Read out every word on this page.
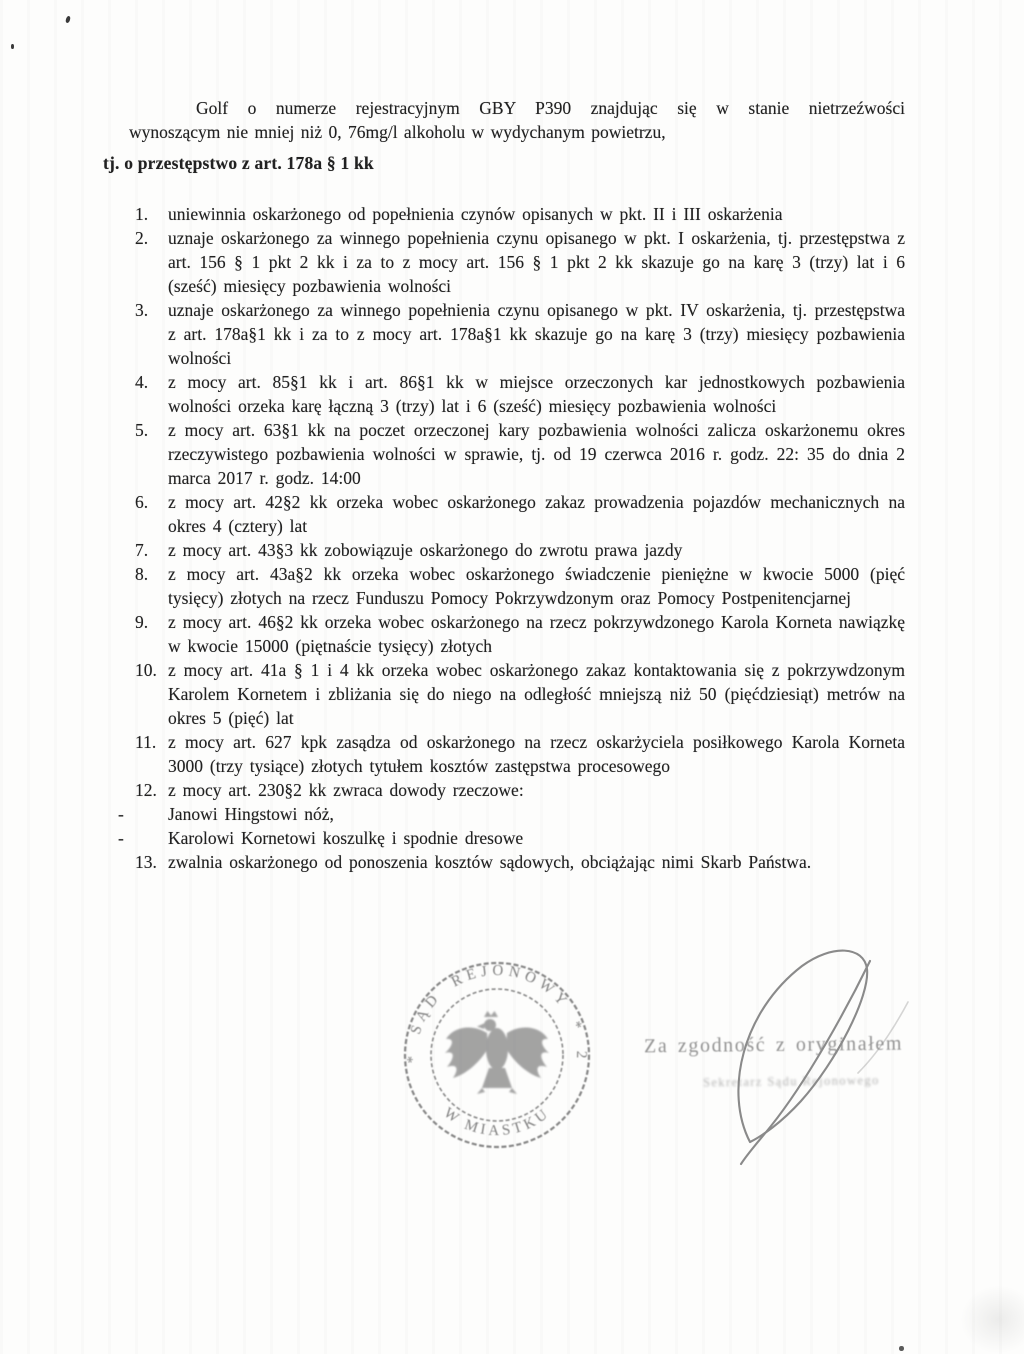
Golf o numerze rejestracyjnym GBY P390 znajdując się w stanie nietrzeźwości
wynoszącym nie mniej niż 0, 76mg/l alkoholu w wydychanym powietrzu,
tj. o przestępstwo z art. 178a § 1 kk
1.	uniewinnia oskarżonego od popełnienia czynów opisanych w pkt. II i III oskarżenia
2.	uznaje oskarżonego za winnego popełnienia czynu opisanego w pkt. I oskarżenia, tj. przestępstwa z art. 156 § 1 pkt 2 kk i za to z mocy art. 156 § 1 pkt 2 kk skazuje go na karę 3 (trzy) lat i 6 (sześć) miesięcy pozbawienia wolności
3.	uznaje oskarżonego za winnego popełnienia czynu opisanego w pkt. IV oskarżenia, tj. przestępstwa z art. 178a§1 kk i za to z mocy art. 178a§1 kk skazuje go na karę 3 (trzy) miesięcy pozbawienia wolności
4.	z mocy art. 85§1 kk i art. 86§1 kk w miejsce orzeczonych kar jednostkowych pozbawienia wolności orzeka karę łączną 3 (trzy) lat i 6 (sześć) miesięcy pozbawienia wolności
5.	z mocy art. 63§1 kk na poczet orzeczonej kary pozbawienia wolności zalicza oskarżonemu okres rzeczywistego pozbawienia wolności w sprawie, tj. od 19 czerwca 2016 r. godz. 22: 35 do dnia 2 marca 2017 r. godz. 14:00
6.	z mocy art. 42§2 kk orzeka wobec oskarżonego zakaz prowadzenia pojazdów mechanicznych na okres 4 (cztery) lat
7.	z mocy art. 43§3 kk zobowiązuje oskarżonego do zwrotu prawa jazdy
8.	z mocy art. 43a§2 kk orzeka wobec oskarżonego świadczenie pieniężne w kwocie 5000 (pięć tysięcy) złotych na rzecz Funduszu Pomocy Pokrzywdzonym oraz Pomocy Postpenitencjarnej
9.	z mocy art. 46§2 kk orzeka wobec oskarżonego na rzecz pokrzywdzonego Karola Korneta nawiązkę w kwocie 15000 (piętnaście tysięcy) złotych
10. z mocy art. 41a § 1 i 4 kk orzeka wobec oskarżonego zakaz kontaktowania się z pokrzywdzonym Karolem Kornetem i zbliżania się do niego na odległość mniejszą niż 50 (pięćdziesiąt) metrów na okres 5 (pięć) lat
11. z mocy art. 627 kpk zasądza od oskarżonego na rzecz oskarżyciela posiłkowego Karola Korneta 3000 (trzy tysiące) złotych tytułem kosztów zastępstwa procesowego
12. z mocy art. 230§2 kk zwraca dowody rzeczowe:
-	Janowi Hingstowi nóż,
-	Karolowi Kornetowi koszulkę i spodnie dresowe
13. zwalnia oskarżonego od ponoszenia kosztów sądowych, obciążając nimi Skarb Państwa.
* SĄD REJONOWY * 2
W MIASTKU
Za zgodność z oryginałem
Sekretarz Sądu Rejonowego
